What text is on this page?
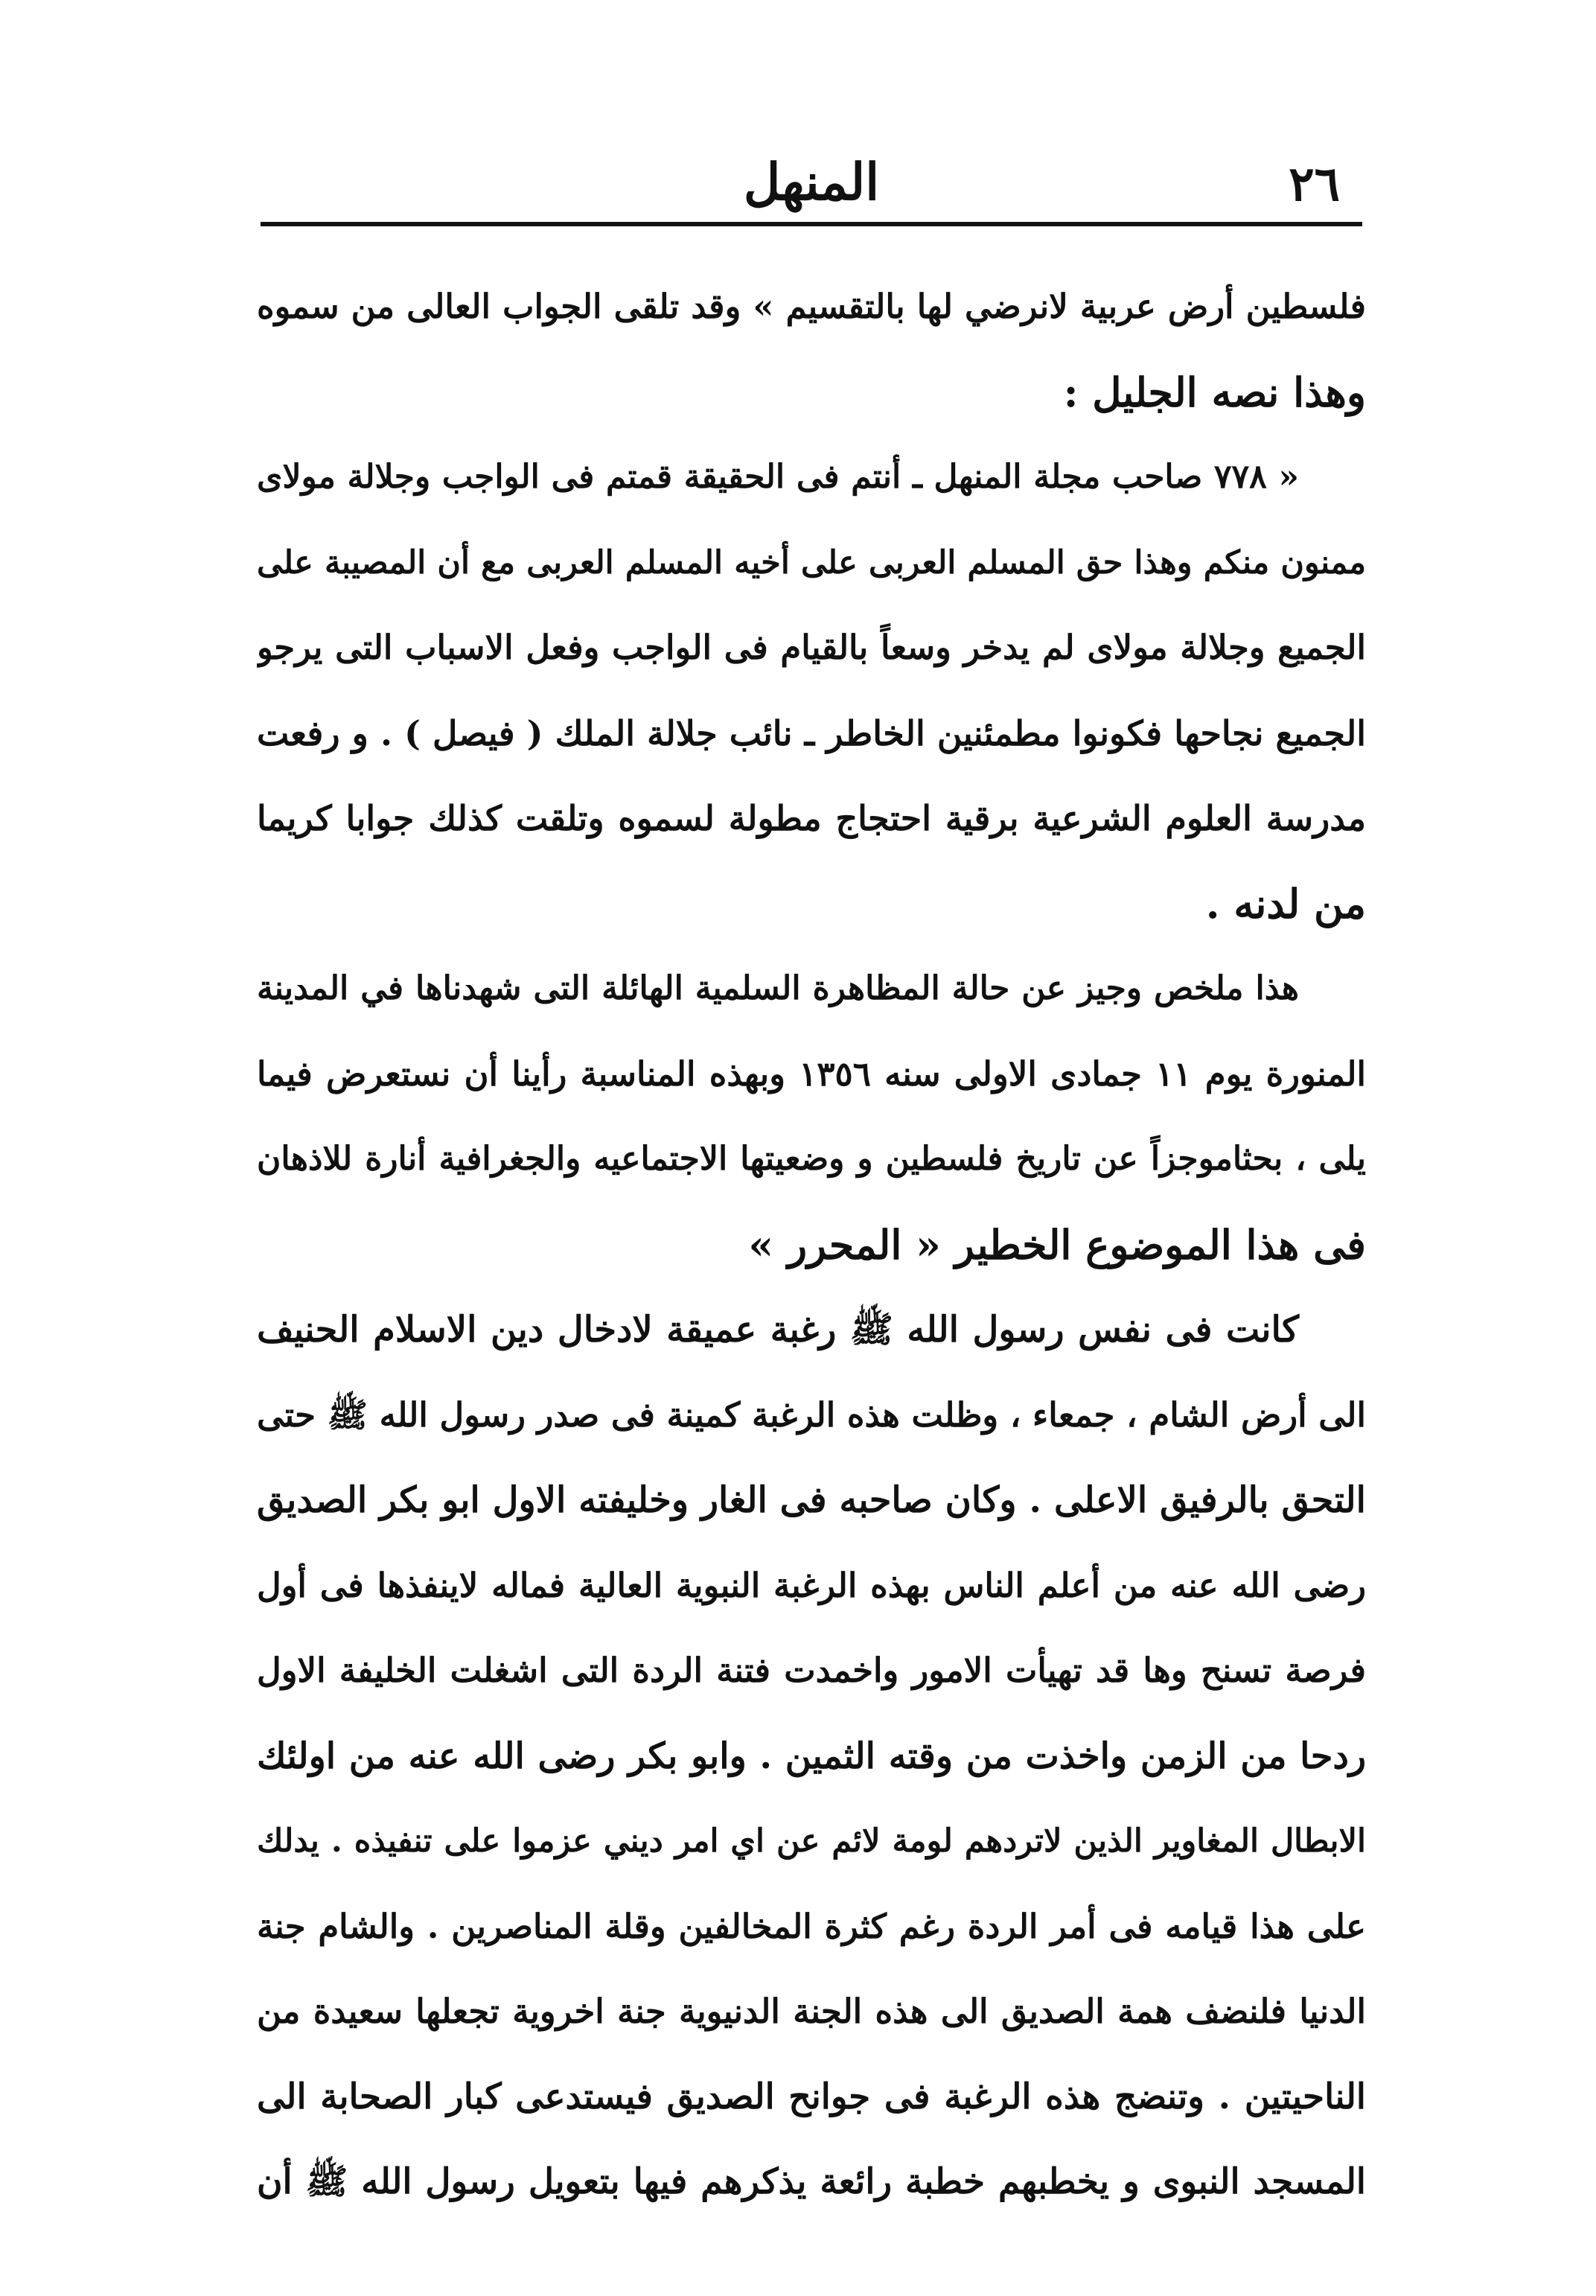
٢٦
المنهل
فلسطين أرض عربية لانرضي لها بالتقسيم » وقد تلقى الجواب العالى من سموه
وهذا نصه الجليل :
« ٧٧٨ صاحب مجلة المنهل ـ أنتم فى الحقيقة قمتم فى الواجب وجلالة مولاى
ممنون منكم وهذا حق المسلم العربى على أخيه المسلم العربى مع أن المصيبة على
الجميع وجلالة مولاى لم يدخر وسعاً بالقيام فى الواجب وفعل الاسباب التى يرجو
الجميع نجاحها فكونوا مطمئنين الخاطر ـ نائب جلالة الملك ( فيصل ) . و رفعت
مدرسة العلوم الشرعية برقية احتجاج مطولة لسموه وتلقت كذلك جوابا كريما
من لدنه .
هذا ملخص وجيز عن حالة المظاهرة السلمية الهائلة التى شهدناها في المدينة
المنورة يوم ١١ جمادى الاولى سنه ١٣٥٦ وبهذه المناسبة رأينا أن نستعرض فيما
يلى ، بحثاموجزاً عن تاريخ فلسطين و وضعيتها الاجتماعيه والجغرافية أنارة للاذهان
فى هذا الموضوع الخطير « المحرر »
كانت فى نفس رسول الله ﷺ رغبة عميقة لادخال دين الاسلام الحنيف
الى أرض الشام ، جمعاء ، وظلت هذه الرغبة كمينة فى صدر رسول الله ﷺ حتى
التحق بالرفيق الاعلى . وكان صاحبه فى الغار وخليفته الاول ابو بكر الصديق
رضى الله عنه من أعلم الناس بهذه الرغبة النبوية العالية فماله لاينفذها فى أول
فرصة تسنح وها قد تهيأت الامور واخمدت فتنة الردة التى اشغلت الخليفة الاول
ردحا من الزمن واخذت من وقته الثمين . وابو بكر رضى الله عنه من اولئك
الابطال المغاوير الذين لاتردهم لومة لائم عن اي امر ديني عزموا على تنفيذه . يدلك
على هذا قيامه فى أمر الردة رغم كثرة المخالفين وقلة المناصرين . والشام جنة
الدنيا فلنضف همة الصديق الى هذه الجنة الدنيوية جنة اخروية تجعلها سعيدة من
الناحيتين . وتنضج هذه الرغبة فى جوانح الصديق فيستدعى كبار الصحابة الى
المسجد النبوى و يخطبهم خطبة رائعة يذكرهم فيها بتعويل رسول الله ﷺ أن
